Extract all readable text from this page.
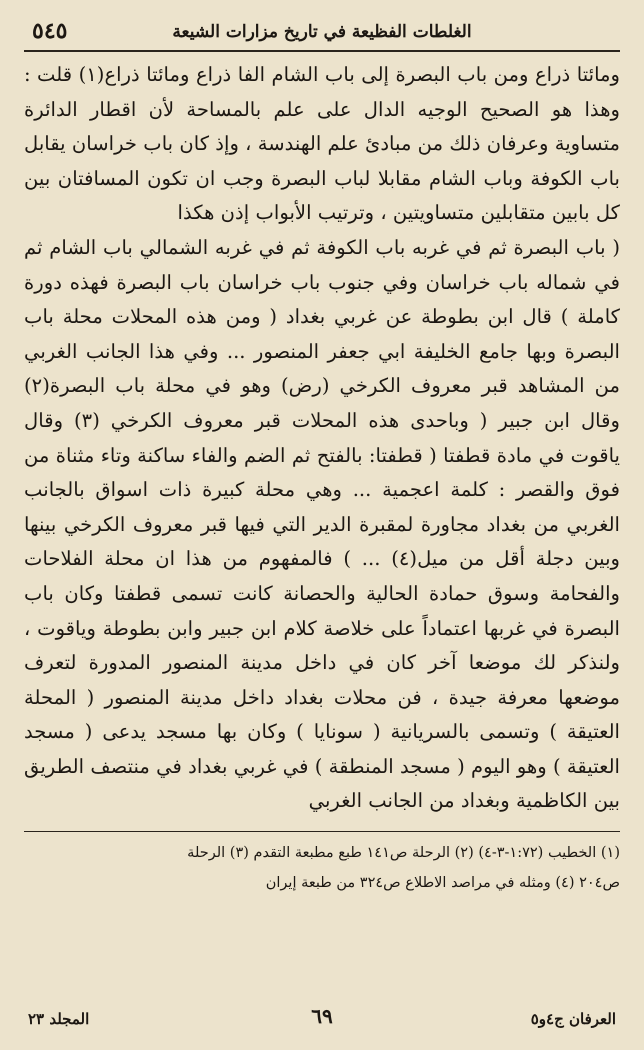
الغلطات الفظيعة في تاريخ مزارات الشيعة
٥٤٥

ومائتا ذراع ومن باب البصرة إلى باب الشام الفا ذراع ومائتا ذراع(١) قلت : وهذا هو الصحيح الوجيه الدال على علم بالمساحة لأن اقطار الدائرة متساوية وعرفان ذلك من مبادئ علم الهندسة ، وإذ كان باب خراسان يقابل باب الكوفة وباب الشام مقابلا لباب البصرة وجب ان تكون المسافتان بين كل بابين متقابلين متساويتين ، وترتيب الأبواب إذن هكذا

( باب البصرة ثم في غربه باب الكوفة ثم في غربه الشمالي باب الشام ثم في شماله باب خراسان وفي جنوب باب خراسان باب البصرة فهذه دورة كاملة ) قال ابن بطوطة عن غربي بغداد ( ومن هذه المحلات محلة باب البصرة وبها جامع الخليفة ابي جعفر المنصور ... وفي هذا الجانب الغربي من المشاهد قبر معروف الكرخي (رض) وهو في محلة باب البصرة(٢) وقال ابن جبير ( وباحدى هذه المحلات قبر معروف الكرخي (٣) وقال ياقوت في مادة قطفتا ( قطفتا: بالفتح ثم الضم والفاء ساكنة وتاء مثناة من فوق والقصر : كلمة اعجمية ... وهي محلة كبيرة ذات اسواق بالجانب الغربي من بغداد مجاورة لمقبرة الدير التي فيها قبر معروف الكرخي بينها وبين دجلة أقل من ميل(٤) ... ) فالمفهوم من هذا ان محلة الفلاحات والفحامة وسوق حمادة الحالية والحصانة كانت تسمى قطفتا وكان باب البصرة في غربها اعتماداً على خلاصة كلام ابن جبير وابن بطوطة وياقوت ، ولنذكر لك موضعا آخر كان في داخل مدينة المنصور المدورة لتعرف موضعها معرفة جيدة ، فن محلات بغداد داخل مدينة المنصور ( المحلة العتيقة ) وتسمى بالسريانية ( سونايا ) وكان بها مسجد يدعى ( مسجد العتيقة ) وهو اليوم ( مسجد المنطقة ) في غربي بغداد في منتصف الطريق بين الكاظمية وبغداد من الجانب الغربي

(١) الخطيب (١:٧٢-٣-٤) (٢) الرحلة ص١٤١ طبع مطبعة التقدم (٣) الرحلة
ص٢٠٤ (٤) ومثله في مراصد الاطلاع ص٣٢٤ من طبعة إيران
العرفان ج٤و٥
٦٩
المجلد ٢٣
